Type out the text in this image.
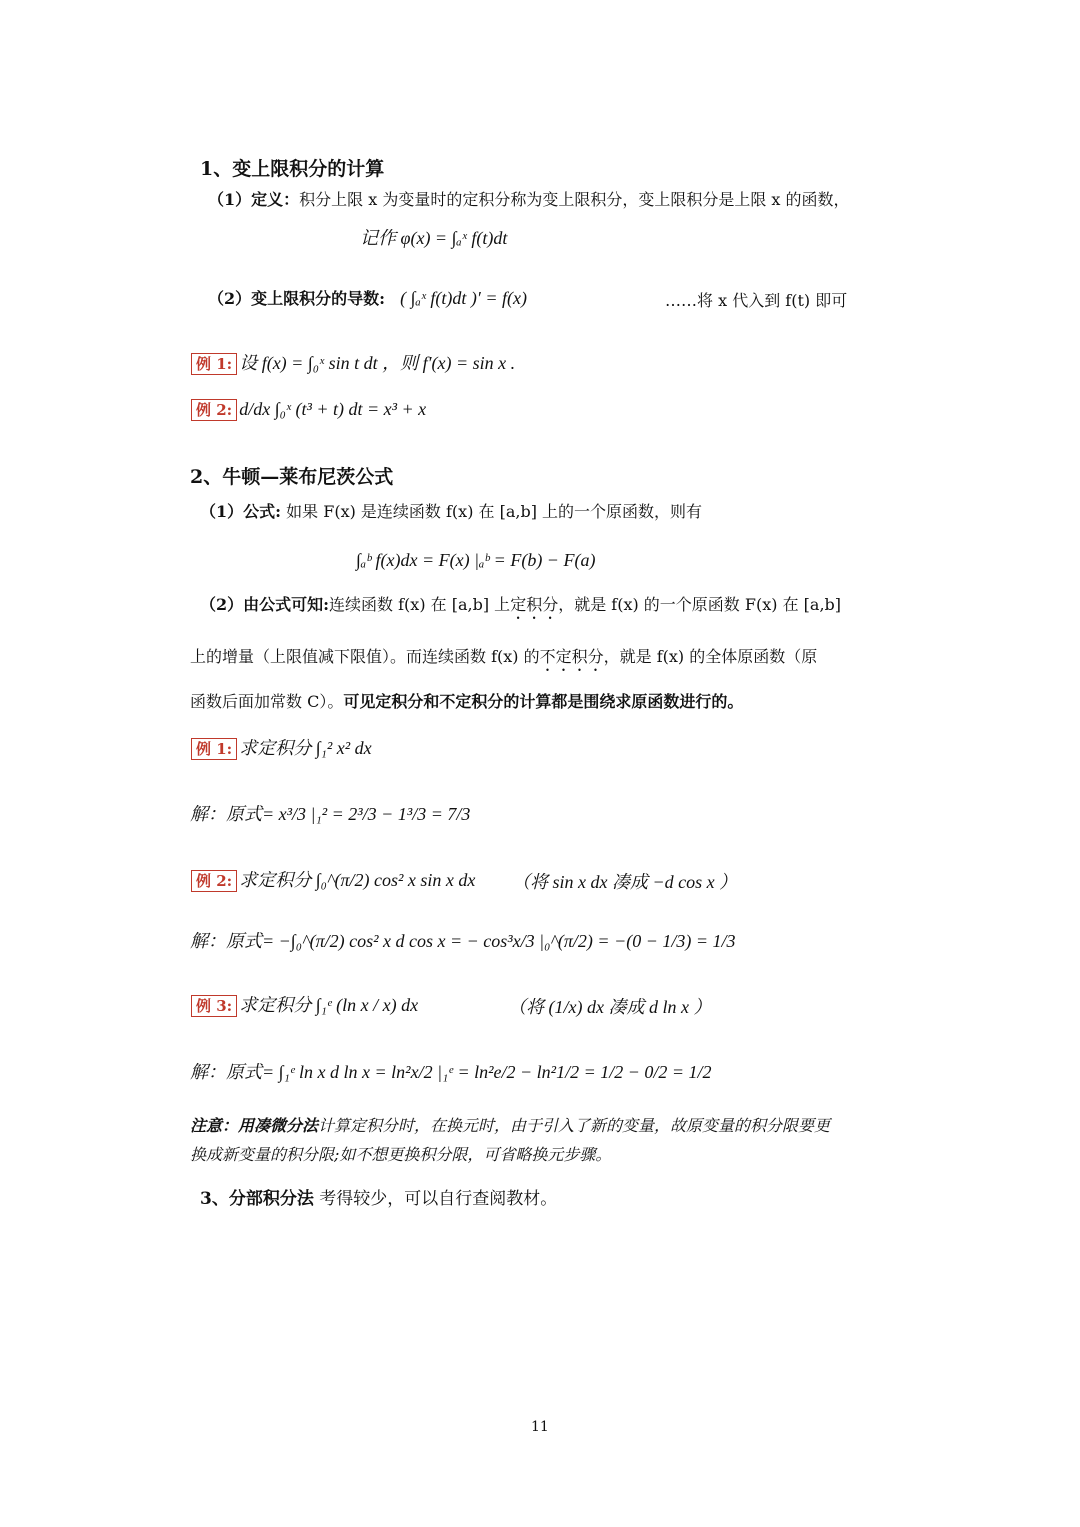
1、变上限积分的计算
（1）定义：积分上限 x 为变量时的定积分称为变上限积分，变上限积分是上限 x 的函数，
记作 φ(x) = ∫ₐˣ f(t)dt
（2）变上限积分的导数: ( ∫ₐˣ f(t)dt )′ = f(x)	……将 x 代入到 f(t) 即可
例 1: 设 f(x) = ∫₀ˣ sin t dt ，则 f′(x) = sin x .
例 2: d/dx ∫₀ˣ (t³ + t) dt = x³ + x
2、牛顿—莱布尼茨公式
（1）公式: 如果 F(x) 是连续函数 f(x) 在 [a,b] 上的一个原函数，则有
∫ₐᵇ f(x)dx = F(x) |ₐᵇ = F(b) − F(a)
（2）由公式可知:连续函数 f(x) 在 [a,b] 上定积分，就是 f(x) 的一个原函数 F(x) 在 [a,b]
上的增量（上限值减下限值）。而连续函数 f(x) 的不定积分，就是 f(x) 的全体原函数（原
函数后面加常数 C）。可见定积分和不定积分的计算都是围绕求原函数进行的。
例 1: 求定积分 ∫₁² x² dx
解：原式= x³/3 |₁² = 2³/3 − 1³/3 = 7/3
例 2: 求定积分 ∫₀^(π/2) cos² x sin x dx （将 sin x dx 凑成 −d cos x ）
解：原式= −∫₀^(π/2) cos² x d cos x = − cos³x/3 |₀^(π/2) = −(0 − 1/3) = 1/3
例 3: 求定积分 ∫₁ᵉ (ln x / x) dx	（将 (1/x) dx 凑成 d ln x ）
解：原式= ∫₁ᵉ ln x d ln x = ln²x/2 |₁ᵉ = ln²e/2 − ln²1/2 = 1/2 − 0/2 = 1/2
注意：用凑微分法计算定积分时，在换元时，由于引入了新的变量，故原变量的积分限要更
换成新变量的积分限;如不想更换积分限，可省略换元步骤。
3、分部积分法 考得较少，可以自行查阅教材。
11
